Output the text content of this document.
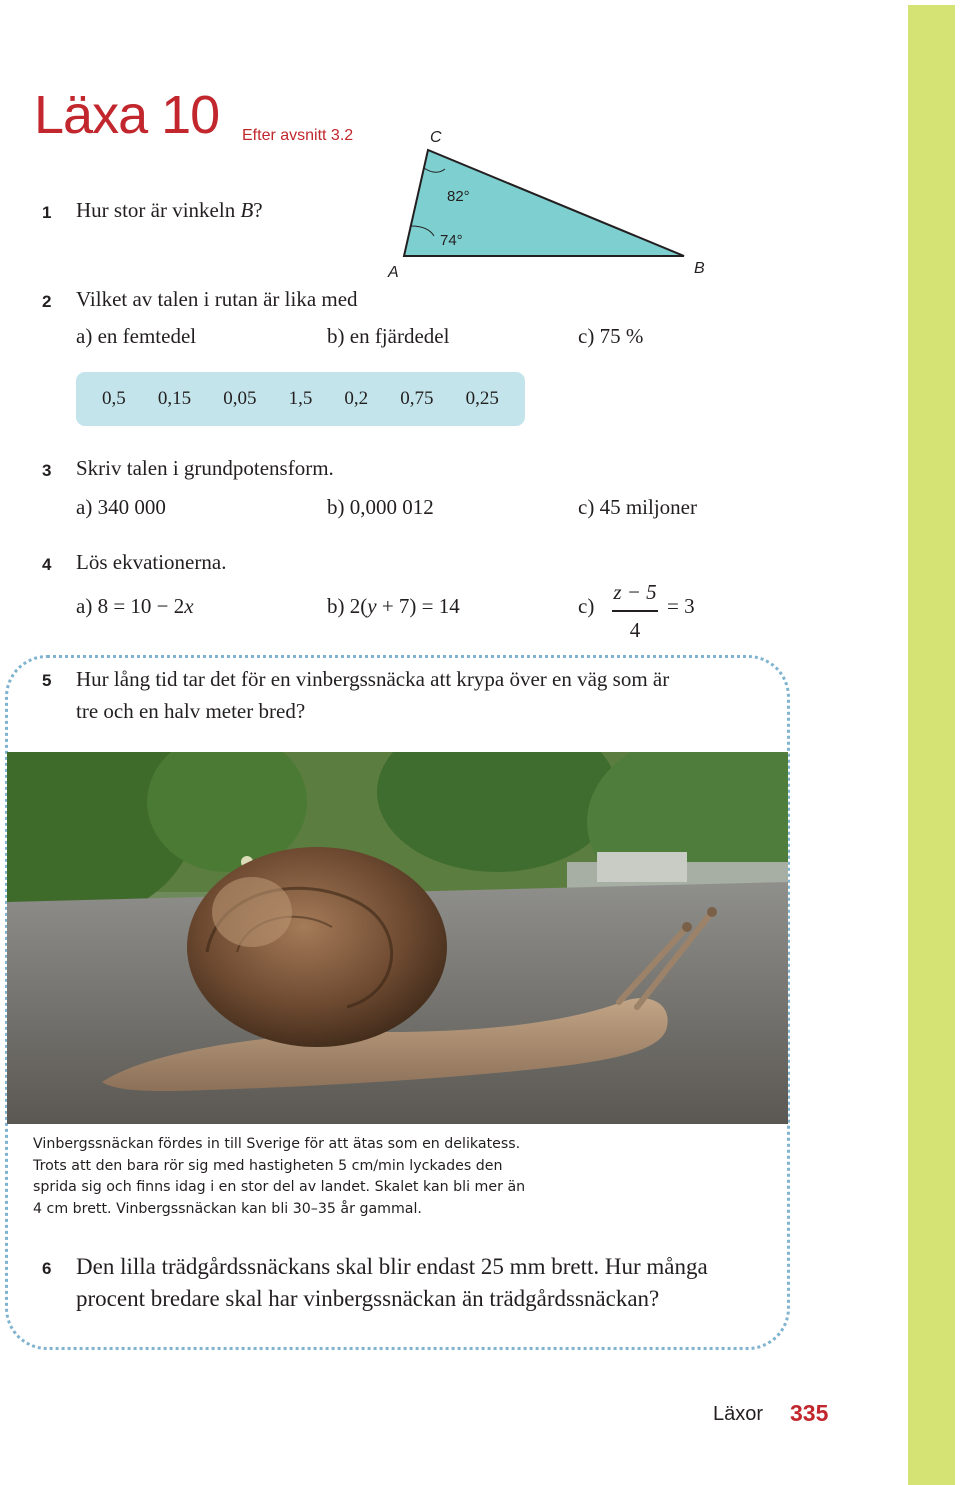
Läxa 10 Efter avsnitt 3.2	C
A	B
82°
74°
1 Hur stor är vinkeln B?
2 Vilket av talen i rutan är lika med
a) en femtedel	b) en fjärdedel	c) 75 %
0,5 0,15 0,05 1,5 0,2 0,75 0,25
3 Skriv talen i grundpotensform.
a) 340 000	b) 0,000 012	c) 45 miljoner
4 Lös ekvationerna.
a) 8 = 10 − 2x	b) 2(y + 7) = 14	c)
z − 5
4
= 3
5 Hur lång tid tar det för en vinbergssnäcka att krypa över en väg som är
tre och en halv meter bred?
Vinbergssnäckan fördes in till Sverige för att ätas som en delikatess.
Trots att den bara rör sig med hastigheten 5 cm/min lyckades den
sprida sig och finns idag i en stor del av landet. Skalet kan bli mer än
4 cm brett. Vinbergssnäckan kan bli 30–35 år gammal.
6 Den lilla trädgårdssnäckans skal blir endast 25 mm brett. Hur många
procent bredare skal har vinbergssnäckan än trädgårdssnäckan?
Läxor 335
